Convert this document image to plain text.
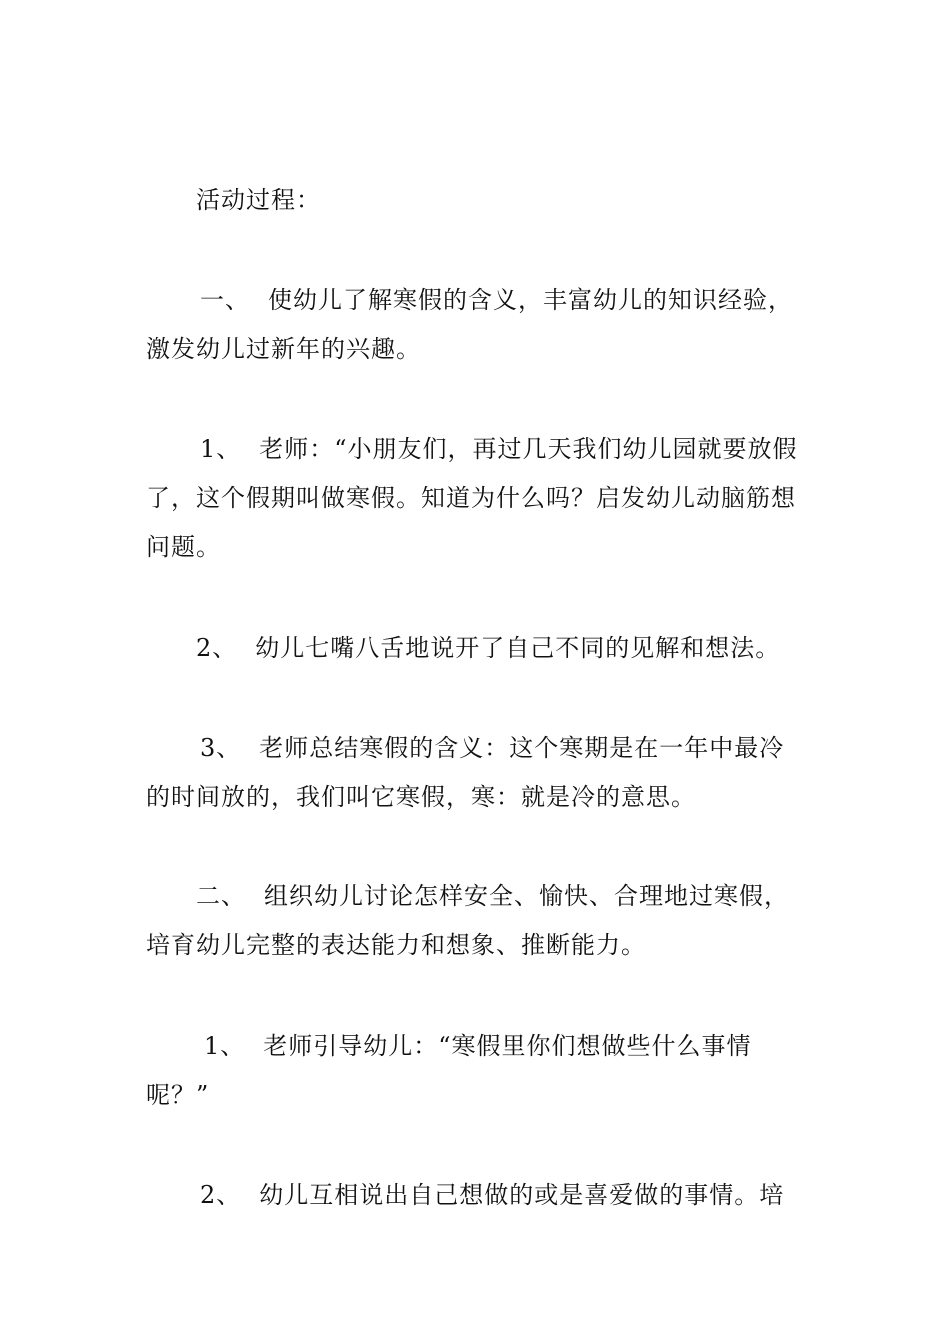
活动过程：

一、 使幼儿了解寒假的含义，丰富幼儿的知识经验，激发幼儿过新年的兴趣。

1、 老师：“小朋友们，再过几天我们幼儿园就要放假了，这个假期叫做寒假。知道为什么吗？启发幼儿动脑筋想问题。

2、 幼儿七嘴八舌地说开了自己不同的见解和想法。

3、 老师总结寒假的含义：这个寒期是在一年中最冷的时间放的，我们叫它寒假，寒：就是冷的意思。

二、 组织幼儿讨论怎样安全、愉快、合理地过寒假，培育幼儿完整的表达能力和想象、推断能力。

1、 老师引导幼儿：“寒假里你们想做些什么事情呢？”

2、 幼儿互相说出自己想做的或是喜爱做的事情。培
